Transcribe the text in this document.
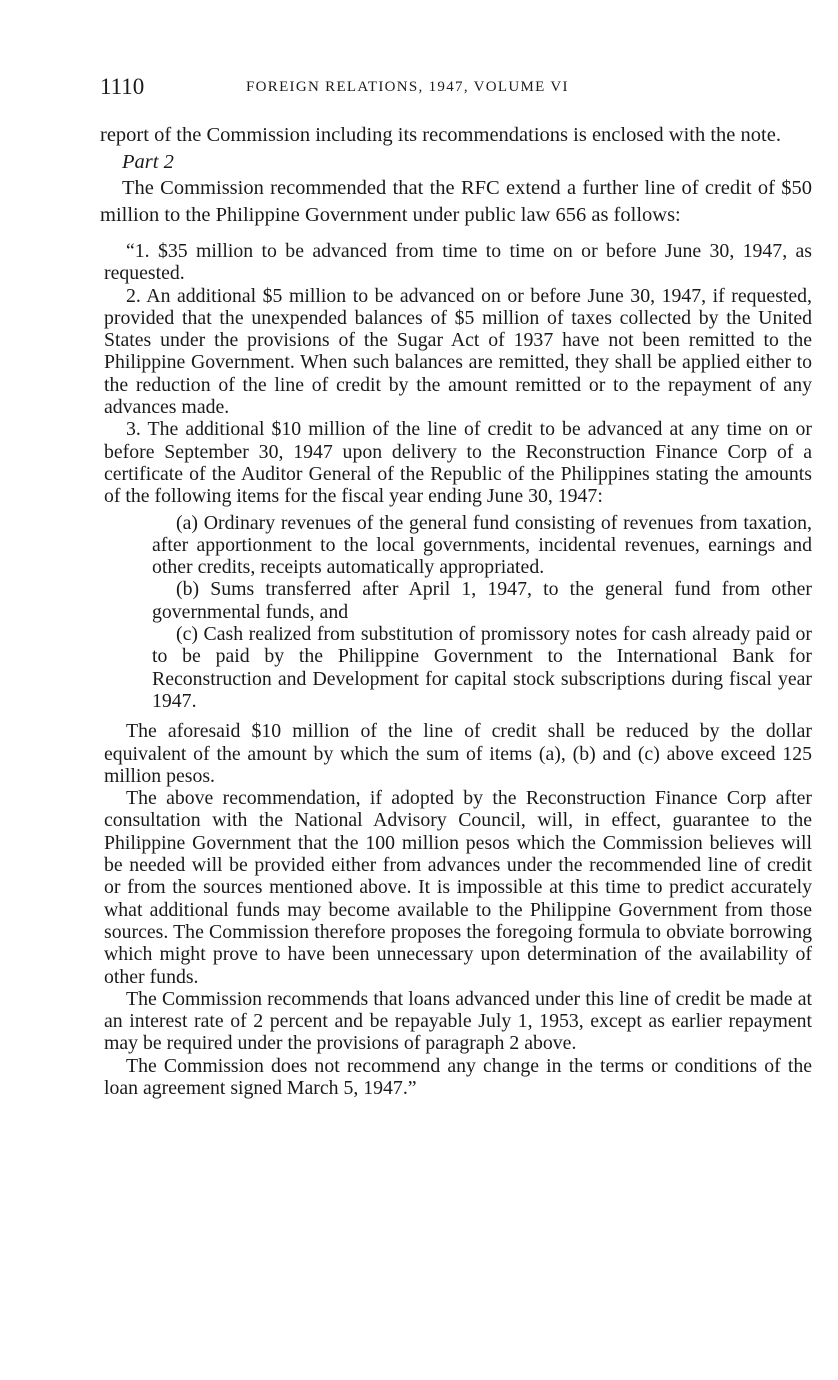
1110	FOREIGN RELATIONS, 1947, VOLUME VI

report of the Commission including its recommendations is enclosed with the note.

Part 2

The Commission recommended that the RFC extend a further line of credit of $50 million to the Philippine Government under public law 656 as follows:

“1. $35 million to be advanced from time to time on or before June 30, 1947, as requested.

2. An additional $5 million to be advanced on or before June 30, 1947, if requested, provided that the unexpended balances of $5 million of taxes collected by the United States under the provisions of the Sugar Act of 1937 have not been remitted to the Philippine Government. When such balances are remitted, they shall be applied either to the reduction of the line of credit by the amount remitted or to the repayment of any advances made.

3. The additional $10 million of the line of credit to be advanced at any time on or before September 30, 1947 upon delivery to the Reconstruction Finance Corp of a certificate of the Auditor General of the Republic of the Philippines stating the amounts of the following items for the fiscal year ending June 30, 1947:

(a) Ordinary revenues of the general fund consisting of revenues from taxation, after apportionment to the local governments, incidental revenues, earnings and other credits, receipts automatically appropriated.

(b) Sums transferred after April 1, 1947, to the general fund from other governmental funds, and

(c) Cash realized from substitution of promissory notes for cash already paid or to be paid by the Philippine Government to the International Bank for Reconstruction and Development for capital stock subscriptions during fiscal year 1947.

The aforesaid $10 million of the line of credit shall be reduced by the dollar equivalent of the amount by which the sum of items (a), (b) and (c) above exceed 125 million pesos.

The above recommendation, if adopted by the Reconstruction Finance Corp after consultation with the National Advisory Council, will, in effect, guarantee to the Philippine Government that the 100 million pesos which the Commission believes will be needed will be provided either from advances under the recommended line of credit or from the sources mentioned above. It is impossible at this time to predict accurately what additional funds may become available to the Philippine Government from those sources. The Commission therefore proposes the foregoing formula to obviate borrowing which might prove to have been unnecessary upon determination of the availability of other funds.

The Commission recommends that loans advanced under this line of credit be made at an interest rate of 2 percent and be repayable July 1, 1953, except as earlier repayment may be required under the provisions of paragraph 2 above.

The Commission does not recommend any change in the terms or conditions of the loan agreement signed March 5, 1947.”
